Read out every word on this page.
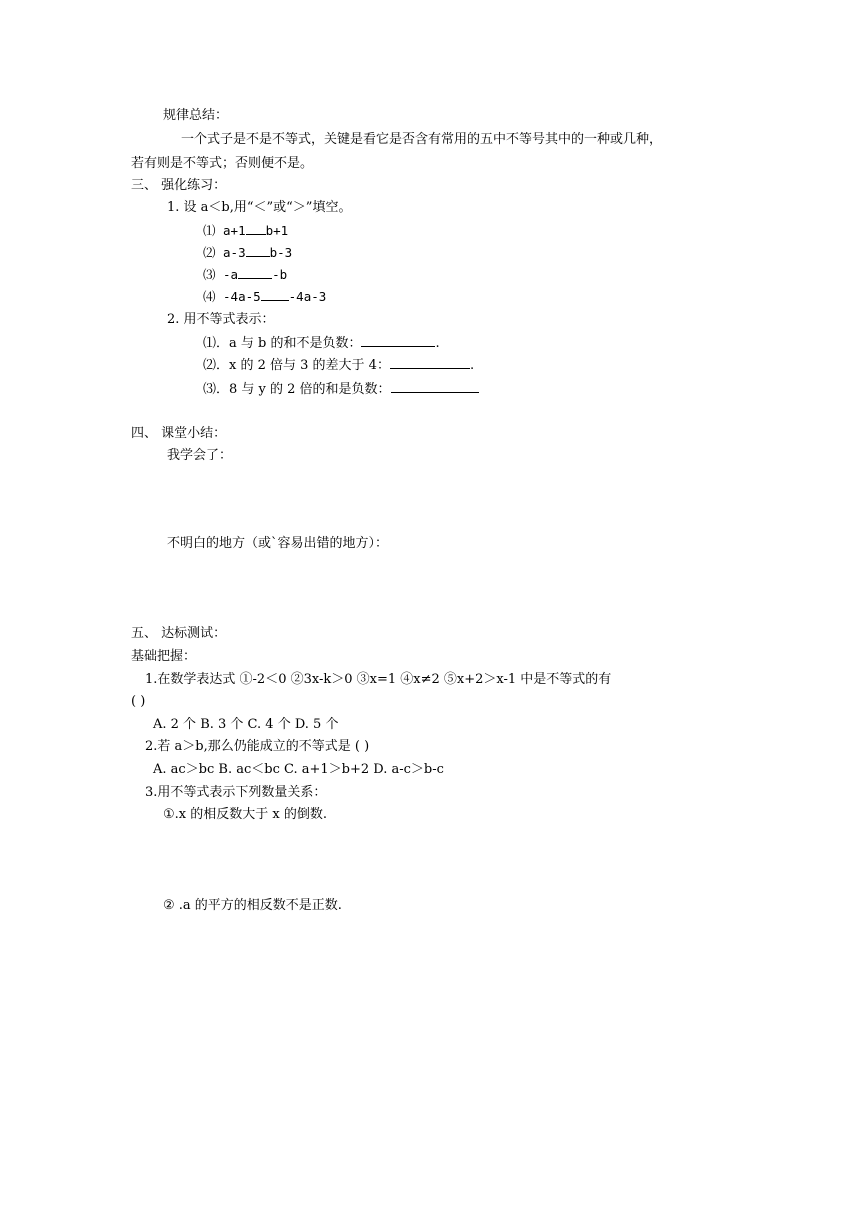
规律总结：
一个式子是不是不等式，关键是看它是否含有常用的五中不等号其中的一种或几种，
若有则是不等式；否则便不是。
三、 强化练习：
1. 设 a＜b,用“＜”或“＞”填空。
⑴ a+1 b+1
⑵ a-3 b-3
⑶ -a	-b
⑷ -4a-5 -4a-3
2. 用不等式表示：
⑴．a 与 b 的和不是负数：	.
⑵．x 的 2 倍与 3 的差大于 4：	.
⑶．8 与 y 的 2 倍的和是负数：
四、 课堂小结：
我学会了：
不明白的地方（或`容易出错的地方）：
五、 达标测试：
基础把握：
1.在数学表达式 ①-2＜0 ②3x-k＞0 ③x=1 ④x≠2 ⑤x+2＞x-1 中是不等式的有
( )
A. 2 个 B. 3 个 C. 4 个 D. 5 个
2.若 a＞b,那么仍能成立的不等式是 ( )
A. ac＞bc B. ac＜bc C. a+1＞b+2 D. a-c＞b-c
3.用不等式表示下列数量关系：
①.x 的相反数大于 x 的倒数.
② .a 的平方的相反数不是正数.
